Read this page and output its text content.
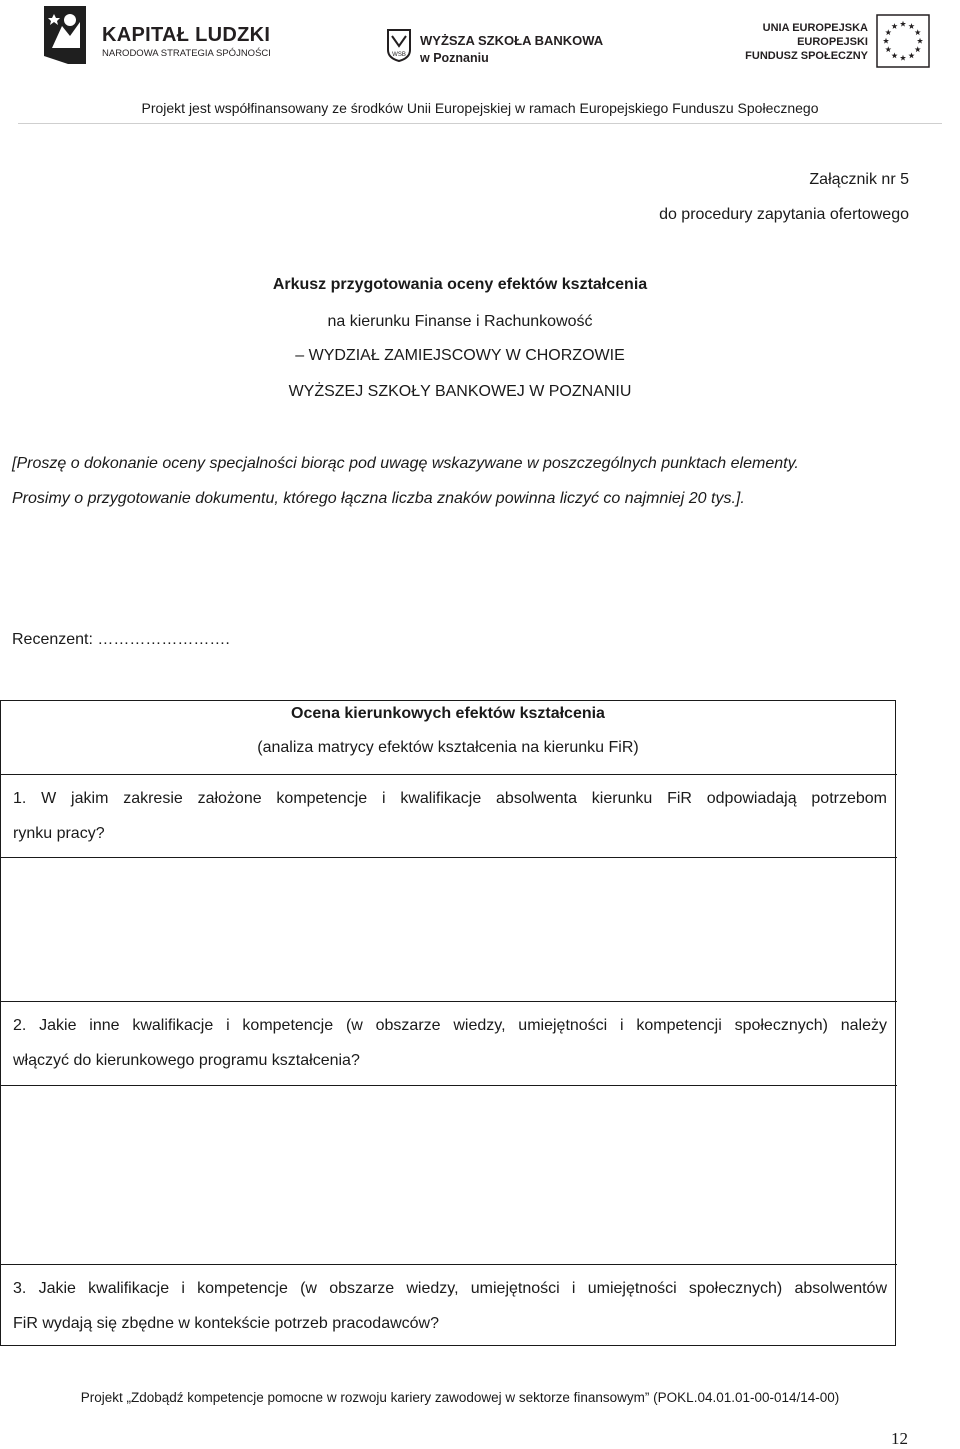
KAPITAŁ LUDZKI
NARODOWA STRATEGIA SPÓJNOŚCI	WSB
WYŻSZA SZKOŁA BANKOWA
w Poznaniu
UNIA EUROPEJSKA
EUROPEJSKI
FUNDUSZ SPOŁECZNY
Projekt jest współfinansowany ze środków Unii Europejskiej w ramach Europejskiego Funduszu Społecznego
Załącznik nr 5
do procedury zapytania ofertowego
Arkusz przygotowania oceny efektów kształcenia
na kierunku Finanse i Rachunkowość
– WYDZIAŁ ZAMIEJSCOWY W CHORZOWIE
WYŻSZEJ SZKOŁY BANKOWEJ W POZNANIU
[Proszę o dokonanie oceny specjalności biorąc pod uwagę wskazywane w poszczególnych punktach elementy.
Prosimy o przygotowanie dokumentu, którego łączna liczba znaków powinna liczyć co najmniej 20 tys.].
Recenzent: …………………….
Ocena kierunkowych efektów kształcenia
(analiza matrycy efektów kształcenia na kierunku FiR)
1. W jakim zakresie założone kompetencje i kwalifikacje absolwenta kierunku FiR odpowiadają potrzebom
rynku pracy?
2. Jakie inne kwalifikacje i kompetencje (w obszarze wiedzy, umiejętności i kompetencji społecznych) należy
włączyć do kierunkowego programu kształcenia?
3. Jakie kwalifikacje i kompetencje (w obszarze wiedzy, umiejętności i umiejętności społecznych) absolwentów
FiR wydają się zbędne w kontekście potrzeb pracodawców?
Projekt „Zdobądź kompetencje pomocne w rozwoju kariery zawodowej w sektorze finansowym” (POKL.04.01.01-00-014/14-00)
12
